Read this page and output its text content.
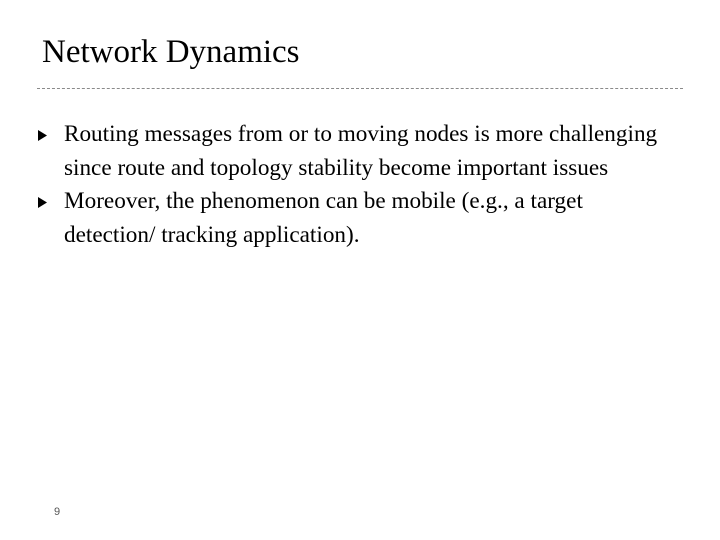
Network Dynamics
Routing messages from or to moving nodes is more challenging since route and topology stability become important issues
Moreover, the phenomenon can be mobile (e.g., a target detection/ tracking application).
9
